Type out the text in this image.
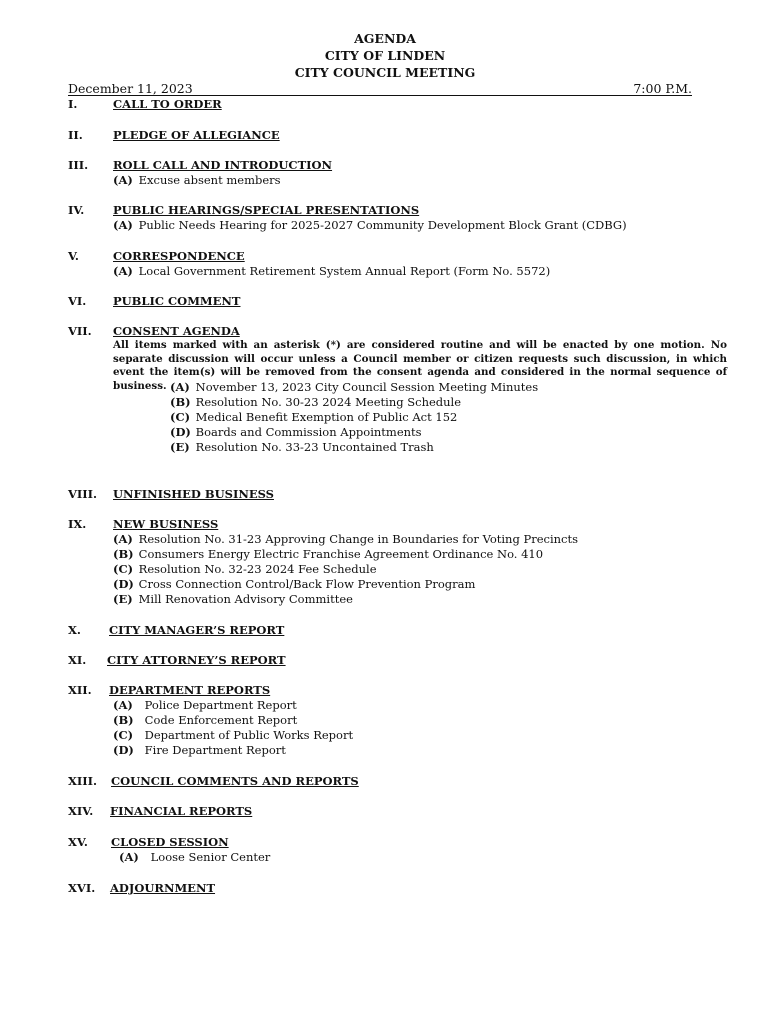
AGENDA
CITY OF LINDEN
CITY COUNCIL MEETING
December 11, 2023	7:00 P.M.
I.	CALL TO ORDER
II.	PLEDGE OF ALLEGIANCE
III. ROLL CALL AND INTRODUCTION
(A) Excuse absent members
IV. PUBLIC HEARINGS/SPECIAL PRESENTATIONS
(A) Public Needs Hearing for 2025-2027 Community Development Block Grant (CDBG)
V.	CORRESPONDENCE
(A) Local Government Retirement System Annual Report (Form No. 5572)
VI. PUBLIC COMMENT
VII. CONSENT AGENDA
All items marked with an asterisk (*) are considered routine and will be enacted by one motion. No separate discussion will occur unless a Council member or citizen requests such discussion, in which event the item(s) will be removed from the consent agenda and considered in the normal sequence of business. (A) November 13, 2023 City Council Session Meeting Minutes
(B) Resolution No. 30-23 2024 Meeting Schedule
(C) Medical Benefit Exemption of Public Act 152
(D) Boards and Commission Appointments
(E) Resolution No. 33-23 Uncontained Trash
VIII. UNFINISHED BUSINESS
IX. NEW BUSINESS
(A) Resolution No. 31-23 Approving Change in Boundaries for Voting Precincts
(B) Consumers Energy Electric Franchise Agreement Ordinance No. 410
(C) Resolution No. 32-23 2024 Fee Schedule
(D) Cross Connection Control/Back Flow Prevention Program
(E) Mill Renovation Advisory Committee
X. CITY MANAGER’S REPORT
XI. CITY ATTORNEY’S REPORT
XII. DEPARTMENT REPORTS
(A) Police Department Report
(B) Code Enforcement Report
(C) Department of Public Works Report
(D) Fire Department Report
XIII. COUNCIL COMMENTS AND REPORTS
XIV. FINANCIAL REPORTS
XV. CLOSED SESSION
(A) Loose Senior Center
XVI. ADJOURNMENT
